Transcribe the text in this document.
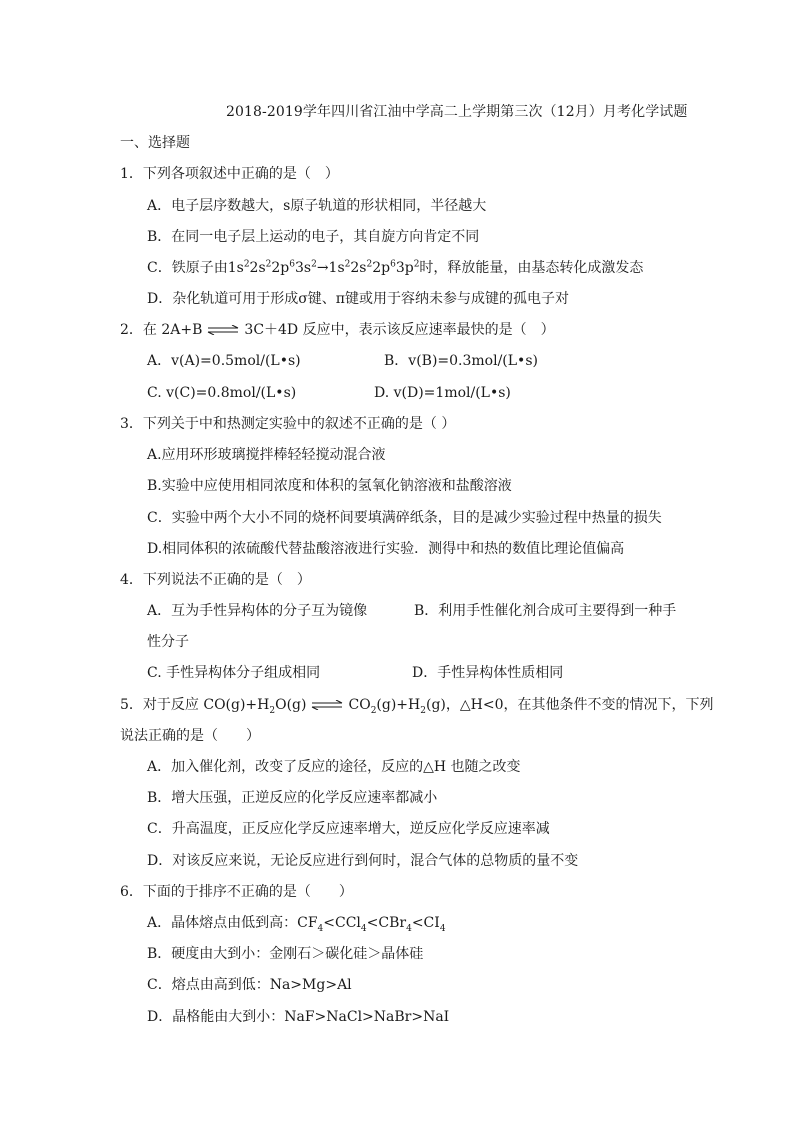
2018-2019学年四川省江油中学高二上学期第三次（12月）月考化学试题
一、选择题
1．下列各项叙述中正确的是（　）
A．电子层序数越大，s原子轨道的形状相同，半径越大
B．在同一电子层上运动的电子，其自旋方向肯定不同
C．铁原子由$1s^22s^22p^63s^2\to 1s^22s^22p^63p^2$时，释放能量，由基态转化成激发态
D．杂化轨道可用于形成σ键、π键或用于容纳未参与成键的孤电子对
2．在 2A+B ⇌ 3C＋4D 反应中，表示该反应速率最快的是（　）
A．v(A)=0.5mol/(L•s)	B．v(B)=0.3mol/(L•s)
C. v(C)=0.8mol/(L•s)	D. v(D)=1mol/(L•s)
3．下列关于中和热测定实验中的叙述不正确的是（ ）
A.应用环形玻璃搅拌棒轻轻搅动混合液
B.实验中应使用相同浓度和体积的氢氧化钠溶液和盐酸溶液
C．实验中两个大小不同的烧杯间要填满碎纸条，目的是减少实验过程中热量的损失
D.相同体积的浓硫酸代替盐酸溶液进行实验．测得中和热的数值比理论值偏高
4．下列说法不正确的是（　）
A．互为手性异构体的分子互为镜像	B．利用手性催化剂合成可主要得到一种手
性分子
C. 手性异构体分子组成相同	D．手性异构体性质相同
5．对于反应 $CO(g)+H_2O(g)$ ⇌ $CO_2(g)+H_2(g)$，△H<0，在其他条件不变的情况下，下列
说法正确的是（　　）
A．加入催化剂，改变了反应的途径，反应的△H 也随之改变
B．增大压强，正逆反应的化学反应速率都减小
C．升高温度，正反应化学反应速率增大，逆反应化学反应速率减
D．对该反应来说，无论反应进行到何时，混合气体的总物质的量不变
6．下面的于排序不正确的是（　　）
A．晶体熔点由低到高：$CF_4<CCl_4<CBr_4<CI_4$
B．硬度由大到小：金刚石＞碳化硅＞晶体硅
C．熔点由高到低：Na>Mg>Al
D．晶格能由大到小：NaF>NaCl>NaBr>NaI
